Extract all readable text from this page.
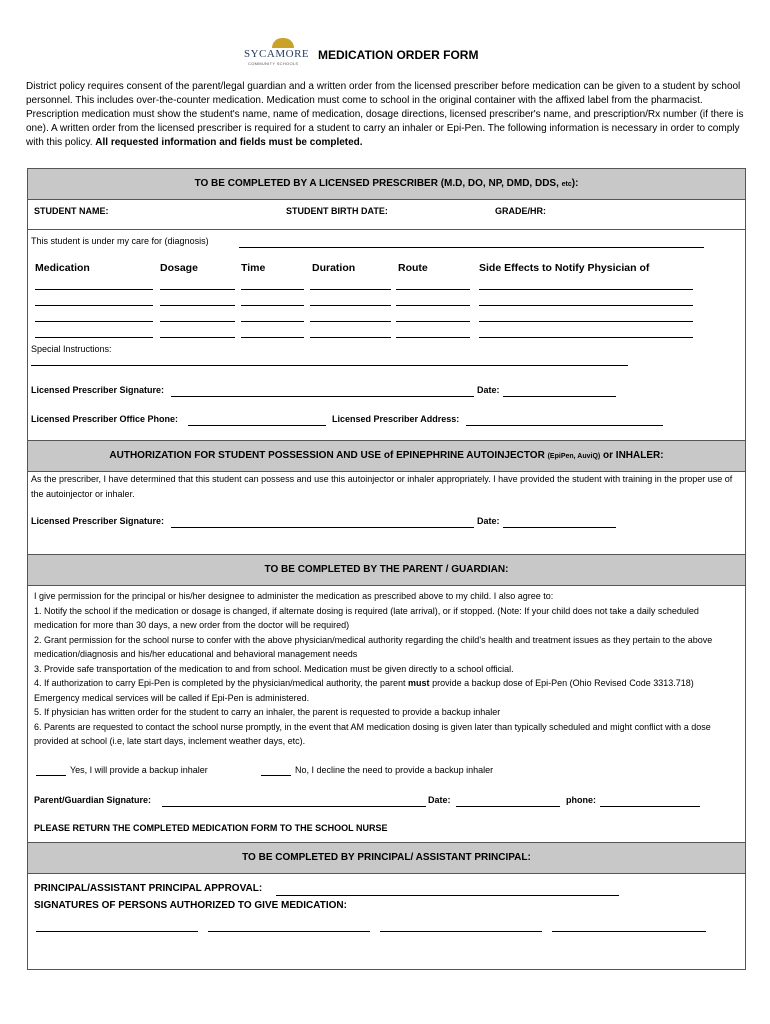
SYCAMORE
COMMUNITY SCHOOLS
MEDICATION ORDER FORM
District policy requires consent of the parent/legal guardian and a written order from the licensed prescriber before medication can be given to a student by school personnel. This includes over-the-counter medication. Medication must come to school in the original container with the affixed label from the pharmacist. Prescription medication must show the student's name, name of medication, dosage directions, licensed prescriber's name, and prescription/Rx number (if there is one). A written order from the licensed prescriber is required for a student to carry an inhaler or Epi-Pen. The following information is necessary in order to comply with this policy. All requested information and fields must be completed.
TO BE COMPLETED BY A LICENSED PRESCRIBER (M.D, DO, NP, DMD, DDS, etc):
STUDENT NAME:	STUDENT BIRTH DATE:	GRADE/HR:
This student is under my care for (diagnosis)
Medication	Dosage	Time	Duration	Route	Side Effects to Notify Physician of
Special Instructions:
Licensed Prescriber Signature:	Date:
Licensed Prescriber Office Phone:	Licensed Prescriber Address:
AUTHORIZATION FOR STUDENT POSSESSION AND USE of EPINEPHRINE AUTOINJECTOR (EpiPen, AuviQ) or INHALER:
As the prescriber, I have determined that this student can possess and use this autoinjector or inhaler appropriately. I have provided the student with training in the proper use of the autoinjector or inhaler.
Licensed Prescriber Signature:	Date:
TO BE COMPLETED BY THE PARENT / GUARDIAN:
I give permission for the principal or his/her designee to administer the medication as prescribed above to my child. I also agree to:
1. Notify the school if the medication or dosage is changed, if alternate dosing is required (late arrival), or if stopped. (Note: If your child does not take a daily scheduled medication for more than 30 days, a new order from the doctor will be required)
2. Grant permission for the school nurse to confer with the above physician/medical authority regarding the child’s health and treatment issues as they pertain to the above medication/diagnosis and his/her educational and behavioral management needs
3. Provide safe transportation of the medication to and from school. Medication must be given directly to a school official.
4. If authorization to carry Epi-Pen is completed by the physician/medical authority, the parent must provide a backup dose of Epi-Pen (Ohio Revised Code 3313.718) Emergency medical services will be called if Epi-Pen is administered.
5. If physician has written order for the student to carry an inhaler, the parent is requested to provide a backup inhaler
6. Parents are requested to contact the school nurse promptly, in the event that AM medication dosing is given later than typically scheduled and might conflict with a dose provided at school (i.e, late start days, inclement weather days, etc).
Yes, I will provide a backup inhaler	No, I decline the need to provide a backup inhaler
Parent/Guardian Signature:	Date:	phone:
PLEASE RETURN THE COMPLETED MEDICATION FORM TO THE SCHOOL NURSE
TO BE COMPLETED BY PRINCIPAL/ ASSISTANT PRINCIPAL:
PRINCIPAL/ASSISTANT PRINCIPAL APPROVAL:
SIGNATURES OF PERSONS AUTHORIZED TO GIVE MEDICATION:
